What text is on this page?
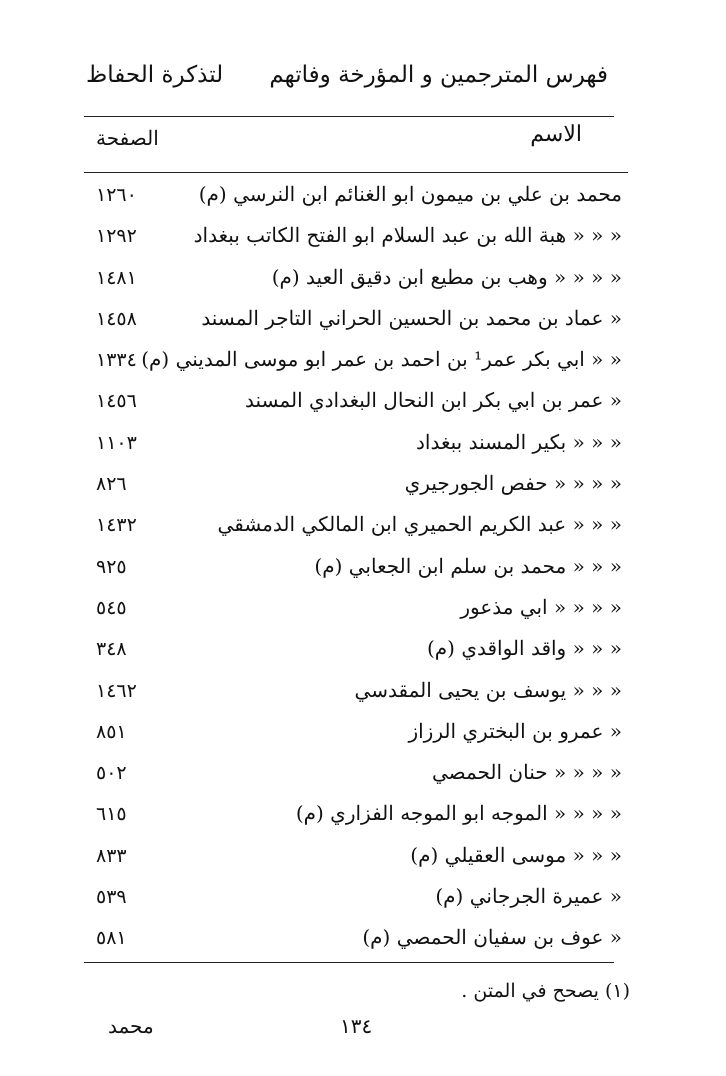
فهرس المترجمين و المؤرخة وفاتهم
لتذكرة الحفاظ
الاسم
الصفحة
محمد بن علي بن ميمون ابو الغنائم ابن النرسي (م)
١٢٦٠
« « « هبة الله بن عبد السلام ابو الفتح الكاتب ببغداد
١٢٩٢
« « « « وهب بن مطيع ابن دقيق العيد (م)
١٤٨١
« عماد بن محمد بن الحسين الحراني التاجر المسند
١٤٥٨
« « ابي بكر عمر¹ بن احمد بن عمر ابو موسى المديني (م)
١٣٣٤
« عمر بن ابي بكر ابن النحال البغدادي المسند
١٤٥٦
« « « بكير المسند ببغداد
١١٠٣
« « « « حفص الجورجيري
٨٢٦
« « « عبد الكريم الحميري ابن المالكي الدمشقي
١٤٣٢
« « « محمد بن سلم ابن الجعابي (م)
٩٢٥
« « « « ابي مذعور
٥٤٥
« « « واقد الواقدي (م)
٣٤٨
« « « يوسف بن يحيى المقدسي
١٤٦٢
« عمرو بن البختري الرزاز
٨٥١
« « « « حنان الحمصي
٥٠٢
« « « « الموجه ابو الموجه الفزاري (م)
٦١٥
« « « موسى العقيلي (م)
٨٣٣
« عميرة الجرجاني (م)
٥٣٩
« عوف بن سفيان الحمصي (م)
٥٨١
(١) يصحح في المتن .
محمد	١٣٤
